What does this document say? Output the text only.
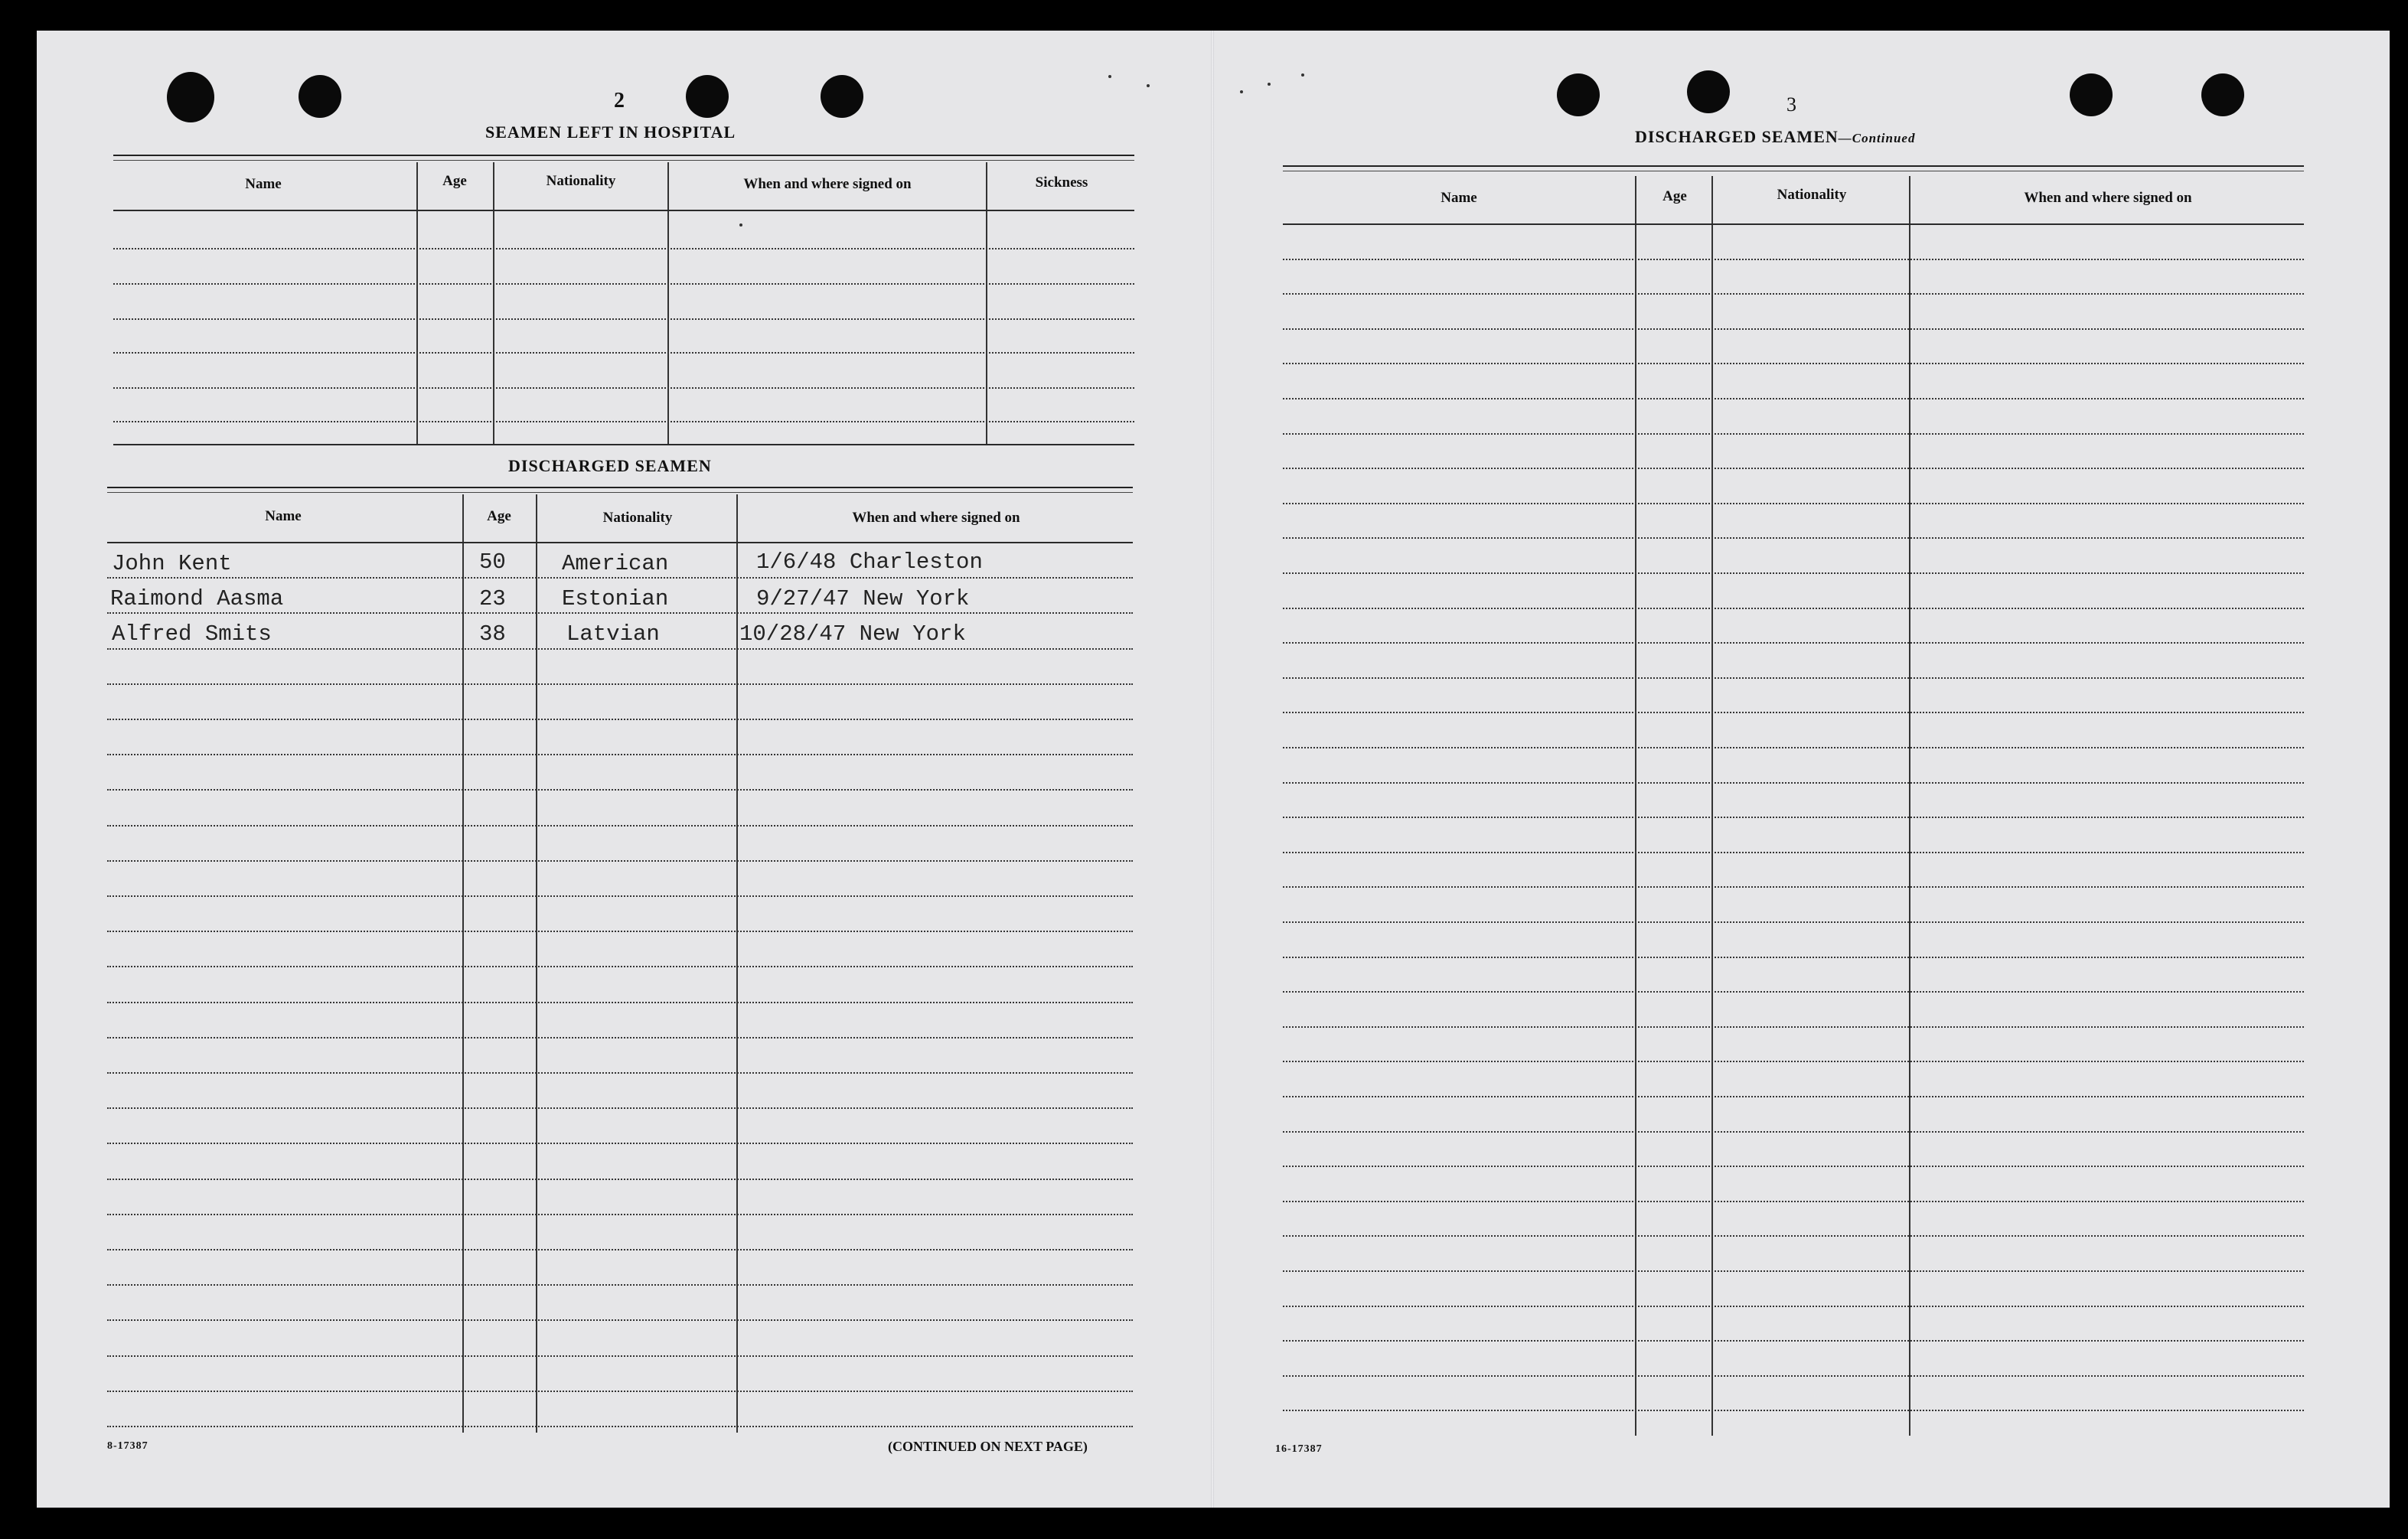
2
SEAMEN LEFT IN HOSPITAL
Name	Age	Nationality	When and where signed on	Sickness
DISCHARGED SEAMEN
Name	Age	Nationality	When and where signed on
John Kent	50	American	1/6/48 Charleston
Raimond Aasma	23	Estonian	9/27/47 New York
Alfred Smits	38	Latvian	10/28/47 New York
8-17387	(CONTINUED ON NEXT PAGE)
3
DISCHARGED SEAMEN—Continued
Name	Age	Nationality	When and where signed on
16-17387
